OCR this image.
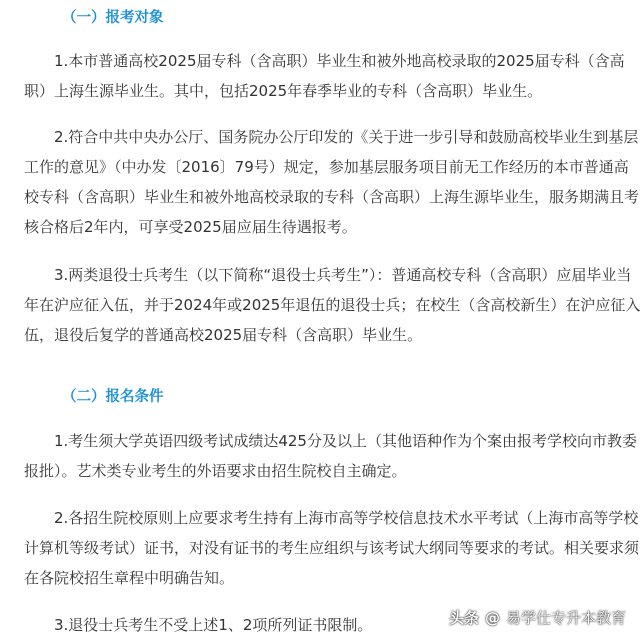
（一）报考对象

1.本市普通高校2025届专科（含高职）毕业生和被外地高校录取的2025届专科（含高
职）上海生源毕业生。其中，包括2025年春季毕业的专科（含高职）毕业生。

2.符合中共中央办公厅、国务院办公厅印发的《关于进一步引导和鼓励高校毕业生到基层
工作的意见》（中办发〔2016〕79号）规定，参加基层服务项目前无工作经历的本市普通高
校专科（含高职）毕业生和被外地高校录取的专科（含高职）上海生源毕业生，服务期满且考
核合格后2年内，可享受2025届应届生待遇报考。

3.两类退役士兵考生（以下简称“退役士兵考生”）：普通高校专科（含高职）应届毕业当
年在沪应征入伍，并于2024年或2025年退伍的退役士兵；在校生（含高校新生）在沪应征入
伍，退役后复学的普通高校2025届专科（含高职）毕业生。

（二）报名条件

1.考生须大学英语四级考试成绩达425分及以上（其他语种作为个案由报考学校向市教委
报批）。艺术类专业考生的外语要求由招生院校自主确定。

2.各招生院校原则上应要求考生持有上海市高等学校信息技术水平考试（上海市高等学校
计算机等级考试）证书，对没有证书的考生应组织与该考试大纲同等要求的考试。相关要求须
在各院校招生章程中明确告知。

3.退役士兵考生不受上述1、2项所列证书限制。	头条 @ 易学仕专升本教育
